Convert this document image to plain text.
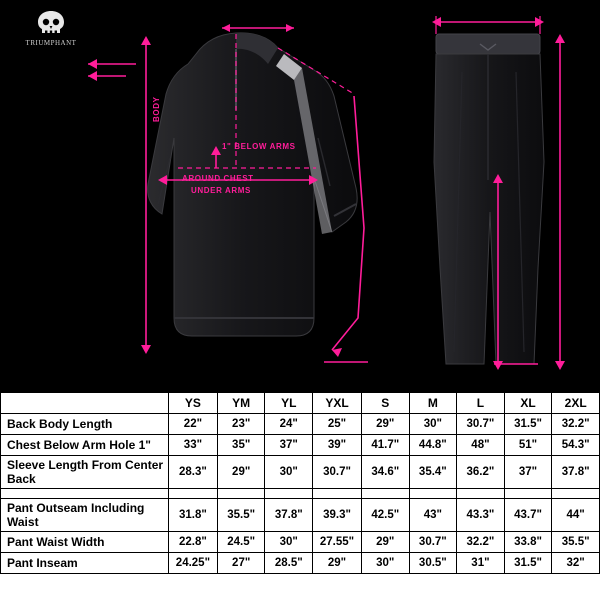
TRIUMPHANT
BODY
1" BELOW ARMS
AROUND CHEST
UNDER ARMS
	YS	YM	YL	YXL	S	M	L	XL	2XL
Back Body Length	22"	23"	24"	25"	29"	30"	30.7"	31.5"	32.2"
Chest Below Arm Hole 1"	33"	35"	37"	39"	41.7"	44.8"	48"	51"	54.3"
Sleeve Length From Center Back	28.3"	29"	30"	30.7"	34.6"	35.4"	36.2"	37"	37.8"

Pant Outseam Including Waist	31.8"	35.5"	37.8"	39.3"	42.5"	43"	43.3"	43.7"	44"
Pant Waist Width	22.8"	24.5"	30"	27.55"	29"	30.7"	32.2"	33.8"	35.5"
Pant Inseam	24.25"	27"	28.5"	29"	30"	30.5"	31"	31.5"	32"
